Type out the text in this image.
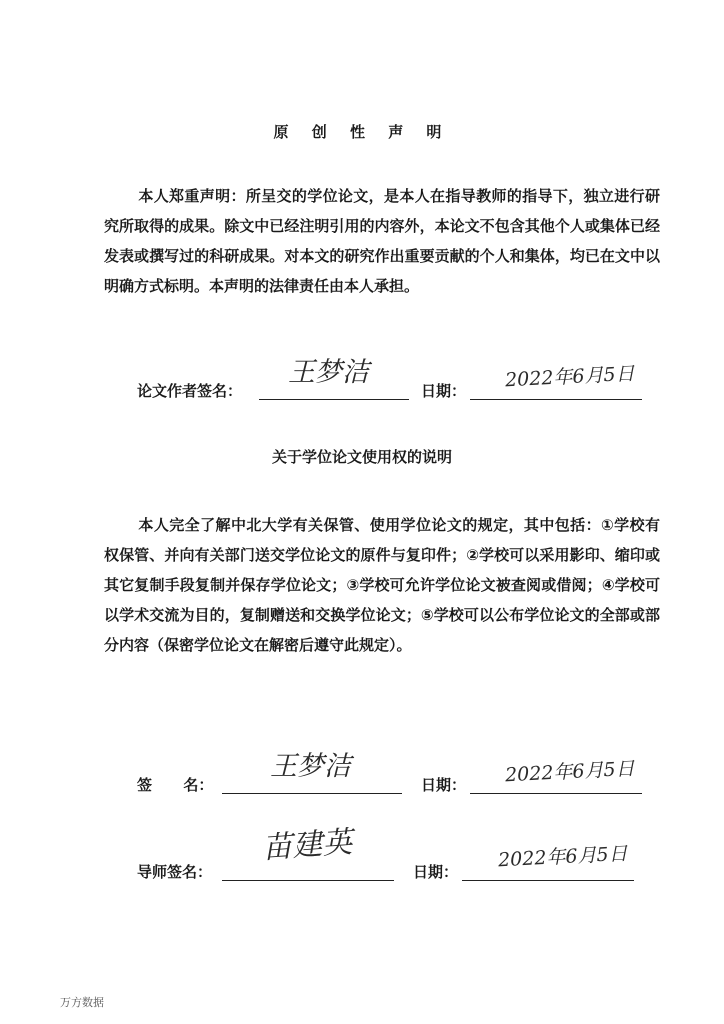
原 创 性 声 明
本人郑重声明：所呈交的学位论文，是本人在指导教师的指导下，独立进行研究所取得的成果。除文中已经注明引用的内容外，本论文不包含其他个人或集体已经发表或撰写过的科研成果。对本文的研究作出重要贡献的个人和集体，均已在文中以明确方式标明。本声明的法律责任由本人承担。
论文作者签名：	日期：
王梦洁	2022年6月5日
关于学位论文使用权的说明
本人完全了解中北大学有关保管、使用学位论文的规定，其中包括：①学校有权保管、并向有关部门送交学位论文的原件与复印件；②学校可以采用影印、缩印或其它复制手段复制并保存学位论文；③学校可允许学位论文被查阅或借阅；④学校可以学术交流为目的，复制赠送和交换学位论文；⑤学校可以公布学位论文的全部或部分内容（保密学位论文在解密后遵守此规定）。
签      名：	日期：
王梦洁	2022年6月5日
导师签名：	日期：
苗建英	2022年6月5日
万方数据
